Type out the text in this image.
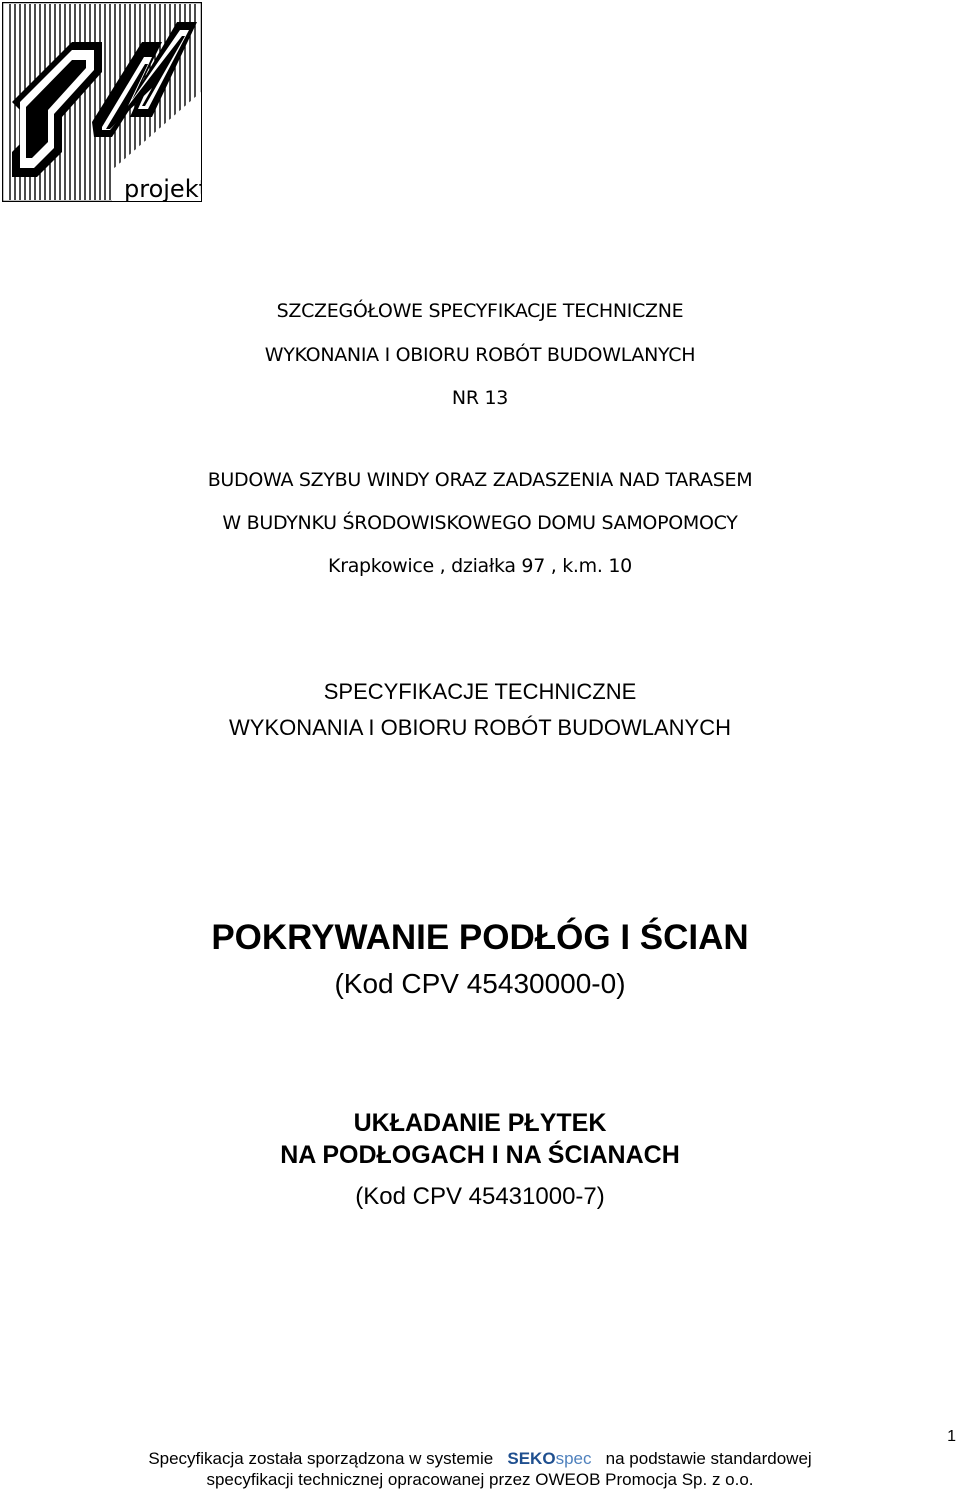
projekt
SZCZEGÓŁOWE SPECYFIKACJE TECHNICZNE
WYKONANIA I OBIORU ROBÓT BUDOWLANYCH
NR 13
BUDOWA SZYBU WINDY ORAZ ZADASZENIA NAD TARASEM
W BUDYNKU ŚRODOWISKOWEGO DOMU SAMOPOMOCY
Krapkowice , działka 97 , k.m. 10
SPECYFIKACJE TECHNICZNE
WYKONANIA I OBIORU ROBÓT BUDOWLANYCH
POKRYWANIE PODŁÓG I ŚCIAN
(Kod CPV 45430000-0)
UKŁADANIE PŁYTEK
NA PODŁOGACH I NA ŚCIANACH
(Kod CPV 45431000-7)
1
Specyfikacja została sporządzona w systemie SEKOspec na podstawie standardowej
specyfikacji technicznej opracowanej przez OWEOB Promocja Sp. z o.o.
